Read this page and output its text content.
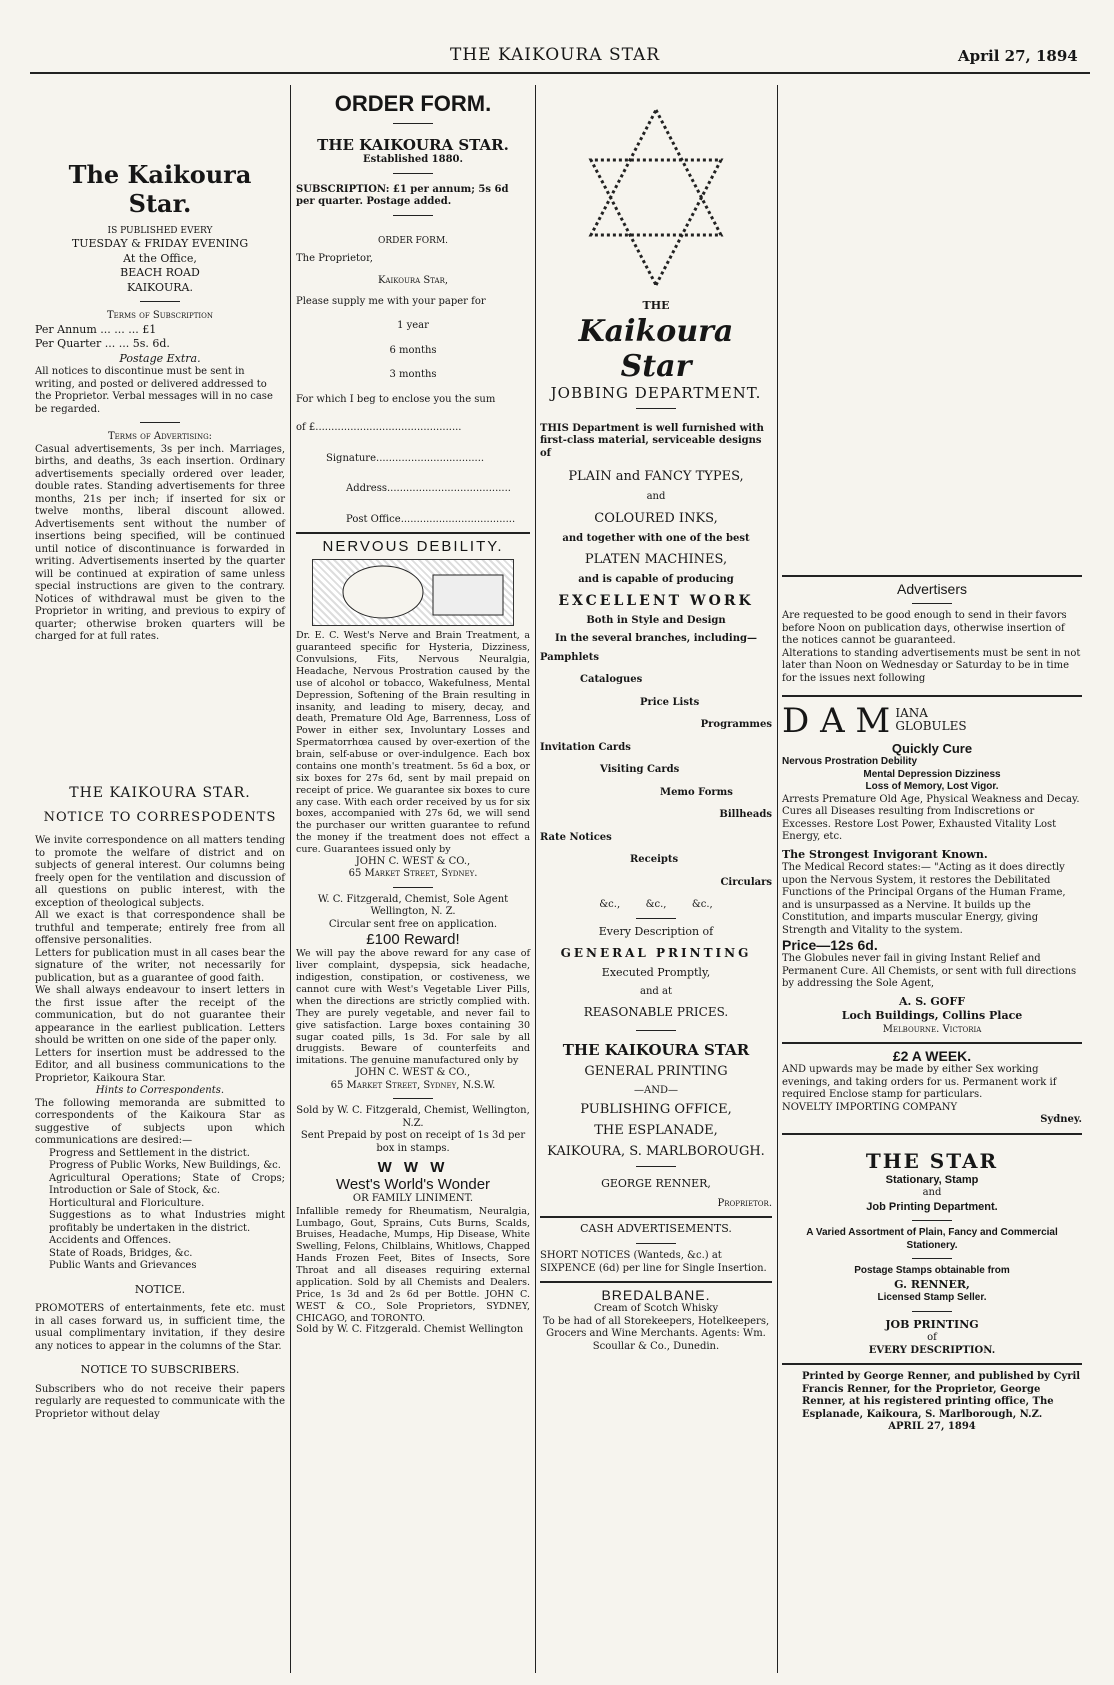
THE KAIKOURA STAR	April 27, 1894
The Kaikoura Star.
IS PUBLISHED EVERY
TUESDAY & FRIDAY EVENING
At the Office,
BEACH ROAD
KAIKOURA.
Terms of Subscription
Per Annum ... ... ... £1
Per Quarter ... ... 5s. 6d.
Postage Extra.

All notices to discontinue must be sent in writing, and posted or delivered addressed to the Proprietor. Verbal messages will in no case be regarded.

Terms of Advertising:

Casual advertisements, 3s per inch. Marriages, births, and deaths, 3s each insertion. Ordinary advertisements specially ordered over leader, double rates. Standing advertisements for three months, 21s per inch; if inserted for six or twelve months, liberal discount allowed. Advertisements sent without the number of insertions being specified, will be continued until notice of discontinuance is forwarded in writing. Advertisements inserted by the quarter will be continued at expiration of same unless special instructions are given to the contrary. Notices of withdrawal must be given to the Proprietor in writing, and previous to expiry of quarter; otherwise broken quarters will be charged for at full rates.

THE KAIKOURA STAR.
NOTICE TO CORRESPODENTS

We invite correspondence on all matters tending to promote the welfare of district and on subjects of general interest. Our columns being freely open for the ventilation and discussion of all questions on public interest, with the exception of theological subjects.

All we exact is that correspondence shall be truthful and temperate; entirely free from all offensive personalities.

Letters for publication must in all cases bear the signature of the writer, not necessarily for publication, but as a guarantee of good faith.

We shall always endeavour to insert letters in the first issue after the receipt of the communication, but do not guarantee their appearance in the earliest publication. Letters should be written on one side of the paper only.

Letters for insertion must be addressed to the Editor, and all business communications to the Proprietor, Kaikoura Star.

Hints to Correspondents.

The following memoranda are submitted to correspondents of the Kaikoura Star as suggestive of subjects upon which communications are desired:—

Progress and Settlement in the district.
Progress of Public Works, New Buildings, &c.
Agricultural Operations; State of Crops; Introduction or Sale of Stock, &c.
Horticultural and Floriculture.
Suggestions as to what Industries might profitably be undertaken in the district.
Accidents and Offences.
State of Roads, Bridges, &c.
Public Wants and Grievances
NOTICE.

PROMOTERS of entertainments, fete etc. must in all cases forward us, in sufficient time, the usual complimentary invitation, if they desire any notices to appear in the columns of the Star.

NOTICE TO SUBSCRIBERS.

Subscribers who do not receive their papers regularly are requested to communicate with the Proprietor without delay

ORDER FORM.
THE KAIKOURA STAR.
Established 1880.

SUBSCRIPTION: £1 per annum; 5s 6d per quarter. Postage added.

ORDER FORM.
The Proprietor,
Kaikoura Star,

Please supply me with your paper for

1 year
6 months
3 months
For which I beg to enclose you the sum
of £..............................................
Signature..................................
Address.......................................
Post Office....................................
NERVOUS DEBILITY.

Dr. E. C. West's Nerve and Brain Treatment, a guaranteed specific for Hysteria, Dizziness, Convulsions, Fits, Nervous Neuralgia, Headache, Nervous Prostration caused by the use of alcohol or tobacco, Wakefulness, Mental Depression, Softening of the Brain resulting in insanity, and leading to misery, decay, and death, Premature Old Age, Barrenness, Loss of Power in either sex, Involuntary Losses and Spermatorrhœa caused by over-exertion of the brain, self-abuse or over-indulgence. Each box contains one month's treatment. 5s 6d a box, or six boxes for 27s 6d, sent by mail prepaid on receipt of price. We guarantee six boxes to cure any case. With each order received by us for six boxes, accompanied with 27s 6d, we will send the purchaser our written guarantee to refund the money if the treatment does not effect a cure. Guarantees issued only by

JOHN C. WEST & CO.,
65 Market Street, Sydney.
W. C. Fitzgerald, Chemist, Sole Agent Wellington, N. Z.
Circular sent free on application.
£100 Reward!

We will pay the above reward for any case of liver complaint, dyspepsia, sick headache, indigestion, constipation, or costiveness, we cannot cure with West's Vegetable Liver Pills, when the directions are strictly complied with. They are purely vegetable, and never fail to give satisfaction. Large boxes containing 30 sugar coated pills, 1s 3d. For sale by all druggists. Beware of counterfeits and imitations. The genuine manufactured only by

JOHN C. WEST & CO.,
65 Market Street, Sydney, N.S.W.
Sold by W. C. Fitzgerald, Chemist, Wellington, N.Z.
Sent Prepaid by post on receipt of 1s 3d per box in stamps.
W W W
West's World's Wonder
OR FAMILY LINIMENT.

Infallible remedy for Rheumatism, Neuralgia, Lumbago, Gout, Sprains, Cuts Burns, Scalds, Bruises, Headache, Mumps, Hip Disease, White Swelling, Felons, Chilblains, Whitlows, Chapped Hands Frozen Feet, Bites of Insects, Sore Throat and all diseases requiring external application. Sold by all Chemists and Dealers. Price, 1s 3d and 2s 6d per Bottle. JOHN C. WEST & CO., Sole Proprietors, SYDNEY, CHICAGO, and TORONTO.

Sold by W. C. Fitzgerald. Chemist Wellington
THE
Kaikoura Star
JOBBING DEPARTMENT.

THIS Department is well furnished with first-class material, serviceable designs of

PLAIN and FANCY TYPES,
and
COLOURED INKS,
and together with one of the best
PLATEN MACHINES,
and is capable of producing
EXCELLENT WORK
Both in Style and Design
In the several branches, including—
Pamphlets
Catalogues
Price Lists
Programmes
Invitation Cards
Visiting Cards
Memo Forms
Billheads
Rate Notices
Receipts
Circulars
&c.,        &c.,        &c.,
Every Description of
GENERAL PRINTING
Executed Promptly,
and at
REASONABLE PRICES.
THE KAIKOURA STAR
GENERAL PRINTING
—AND—
PUBLISHING OFFICE,
THE ESPLANADE,
KAIKOURA, S. MARLBOROUGH.
GEORGE RENNER,
Proprietor.
CASH ADVERTISEMENTS.

SHORT NOTICES (Wanteds, &c.) at SIXPENCE (6d) per line for Single Insertion.

BREDALBANE.
Cream of Scotch Whisky
To be had of all Storekeepers, Hotelkeepers, Grocers and Wine Merchants. Agents: Wm. Scoullar & Co., Dunedin.
Advertisers

Are requested to be good enough to send in their favors before Noon on publication days, otherwise insertion of the notices cannot be guaranteed.

Alterations to standing advertisements must be sent in not later than Noon on Wednesday or Saturday to be in time for the issues next following

D A M IANA
GLOBULES
Quickly Cure
Nervous Prostration Debility
Mental Depression Dizziness
Loss of Memory, Lost Vigor.

Arrests Premature Old Age, Physical Weakness and Decay. Cures all Diseases resulting from Indiscretions or Excesses. Restore Lost Power, Exhausted Vitality Lost Energy, etc.

The Strongest Invigorant Known.

The Medical Record states:— "Acting as it does directly upon the Nervous System, it restores the Debilitated Functions of the Principal Organs of the Human Frame, and is unsurpassed as a Nervine. It builds up the Constitution, and imparts muscular Energy, giving Strength and Vitality to the system.

Price—12s 6d.

The Globules never fail in giving Instant Relief and Permanent Cure. All Chemists, or sent with full directions by addressing the Sole Agent,

A. S. GOFF
Loch Buildings, Collins Place
Melbourne. Victoria
£2 A WEEK.

AND upwards may be made by either Sex working evenings, and taking orders for us. Permanent work if required Enclose stamp for particulars.

NOVELTY IMPORTING COMPANY
Sydney.
THE STAR
Stationary, Stamp
and
Job Printing Department.
A Varied Assortment of Plain, Fancy and Commercial Stationery.
Postage Stamps obtainable from
G. RENNER,
Licensed Stamp Seller.
JOB PRINTING
of
EVERY DESCRIPTION.

Printed by George Renner, and published by Cyril Francis Renner, for the Proprietor, George Renner, at his registered printing office, The Esplanade, Kaikoura, S. Marlborough, N.Z.

APRIL 27, 1894
